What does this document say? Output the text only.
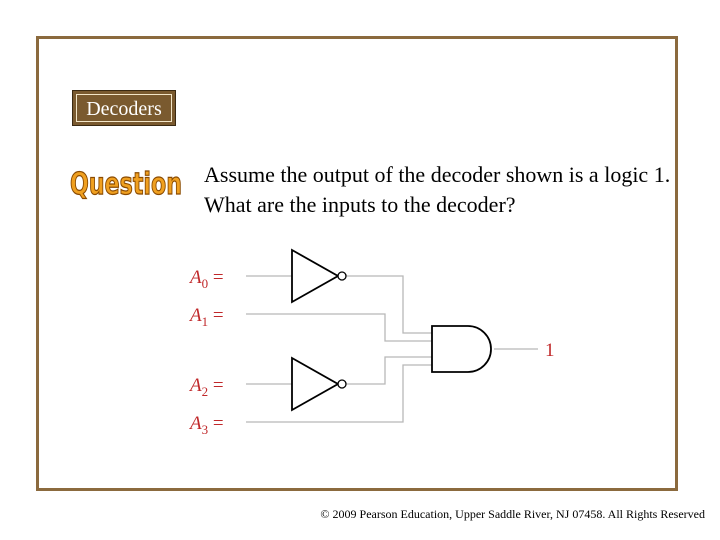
Decoders
Question Assume the output of the decoder shown is a logic 1. What are the inputs to the decoder?
$A_0$ =
$A_1$ =
$A_2$ =
$A_3$ =
1
© 2009 Pearson Education, Upper Saddle River, NJ 07458. All Rights Reserved
